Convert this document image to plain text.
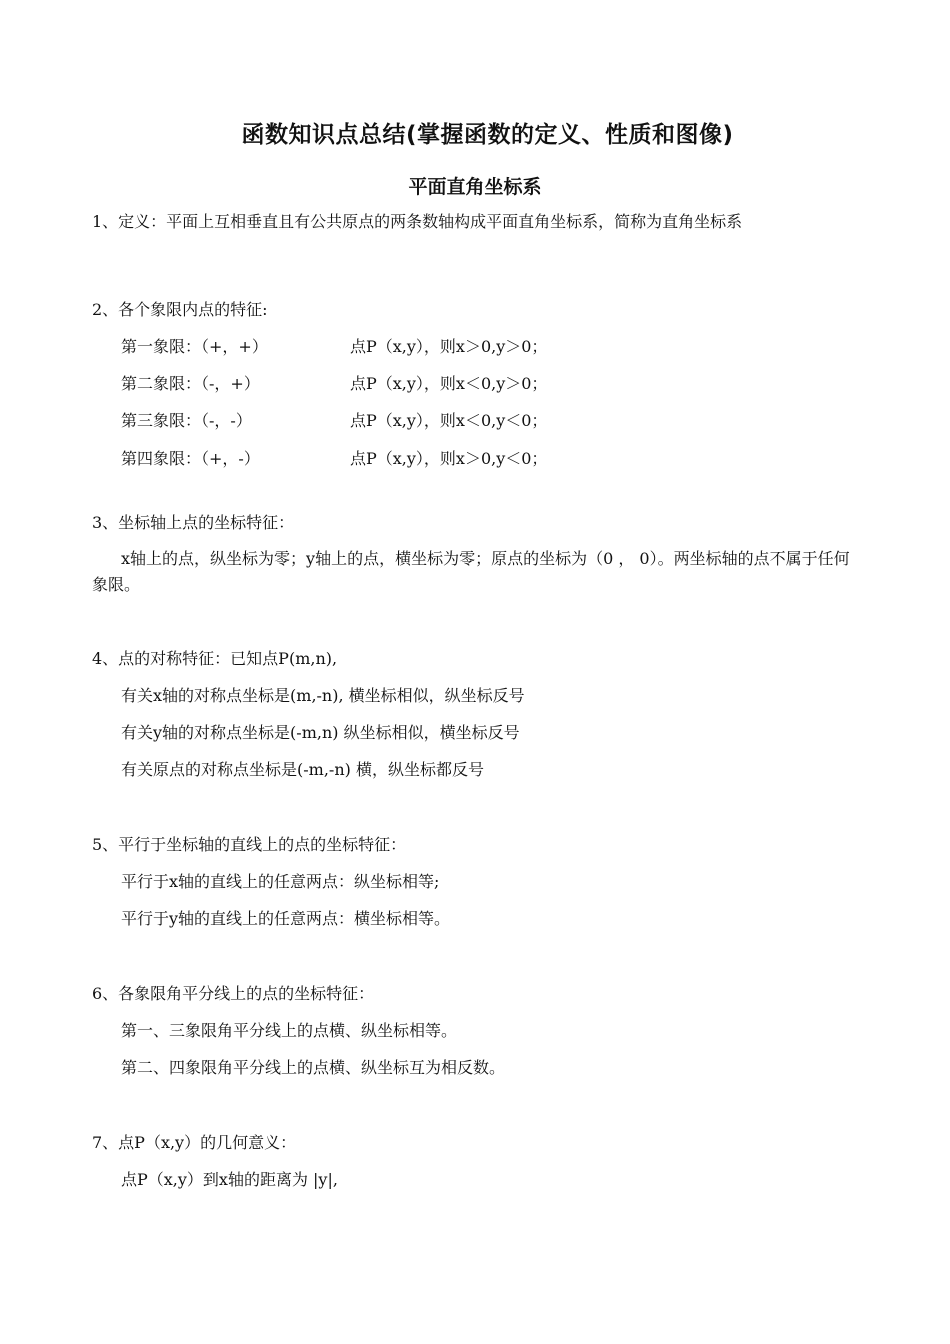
函数知识点总结(掌握函数的定义、性质和图像)
平面直角坐标系
1、定义：平面上互相垂直且有公共原点的两条数轴构成平面直角坐标系，简称为直角坐标系
2、各个象限内点的特征:
第一象限：（+，+）	点P（x,y），则x＞0,y＞0；
第二象限：（-，+）	点P（x,y），则x＜0,y＞0；
第三象限：（-，-）	点P（x,y），则x＜0,y＜0；
第四象限：（+，-）	点P（x,y），则x＞0,y＜0；
3、坐标轴上点的坐标特征：
x轴上的点，纵坐标为零；y轴上的点，横坐标为零；原点的坐标为（0 ， 0）。两坐标轴的点不属于任何象限。
4、点的对称特征：已知点P(m,n),
有关x轴的对称点坐标是(m,-n), 横坐标相似，纵坐标反号
有关y轴的对称点坐标是(-m,n) 纵坐标相似，横坐标反号
有关原点的对称点坐标是(-m,-n) 横，纵坐标都反号
5、平行于坐标轴的直线上的点的坐标特征：
平行于x轴的直线上的任意两点：纵坐标相等;
平行于y轴的直线上的任意两点：横坐标相等。
6、各象限角平分线上的点的坐标特征：
第一、三象限角平分线上的点横、纵坐标相等。
第二、四象限角平分线上的点横、纵坐标互为相反数。
7、点P（x,y）的几何意义：
点P（x,y）到x轴的距离为 |y|,
